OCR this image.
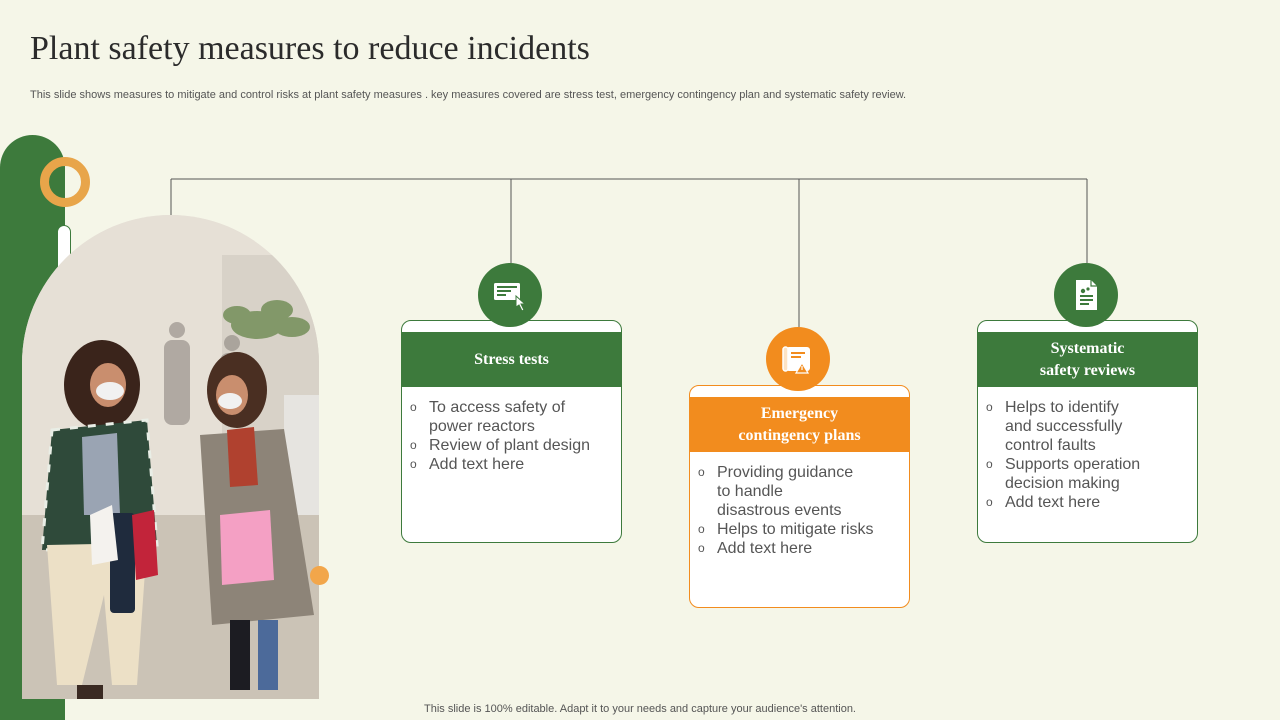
Plant safety measures to reduce incidents
This slide shows measures to mitigate and control risks at plant safety measures . key measures covered are stress test, emergency contingency plan and systematic safety review.
Stress tests
o To access safety of
power reactors
o Review of plant design
o Add text here
Emergency
contingency plans
o Providing guidance
to handle
disastrous events
o Helps to mitigate risks
o Add text here
Systematic
safety reviews
o Helps to identify
and successfully
control faults
o Supports operation
decision making
o Add text here
This slide is 100% editable. Adapt it to your needs and capture your audience's attention.
